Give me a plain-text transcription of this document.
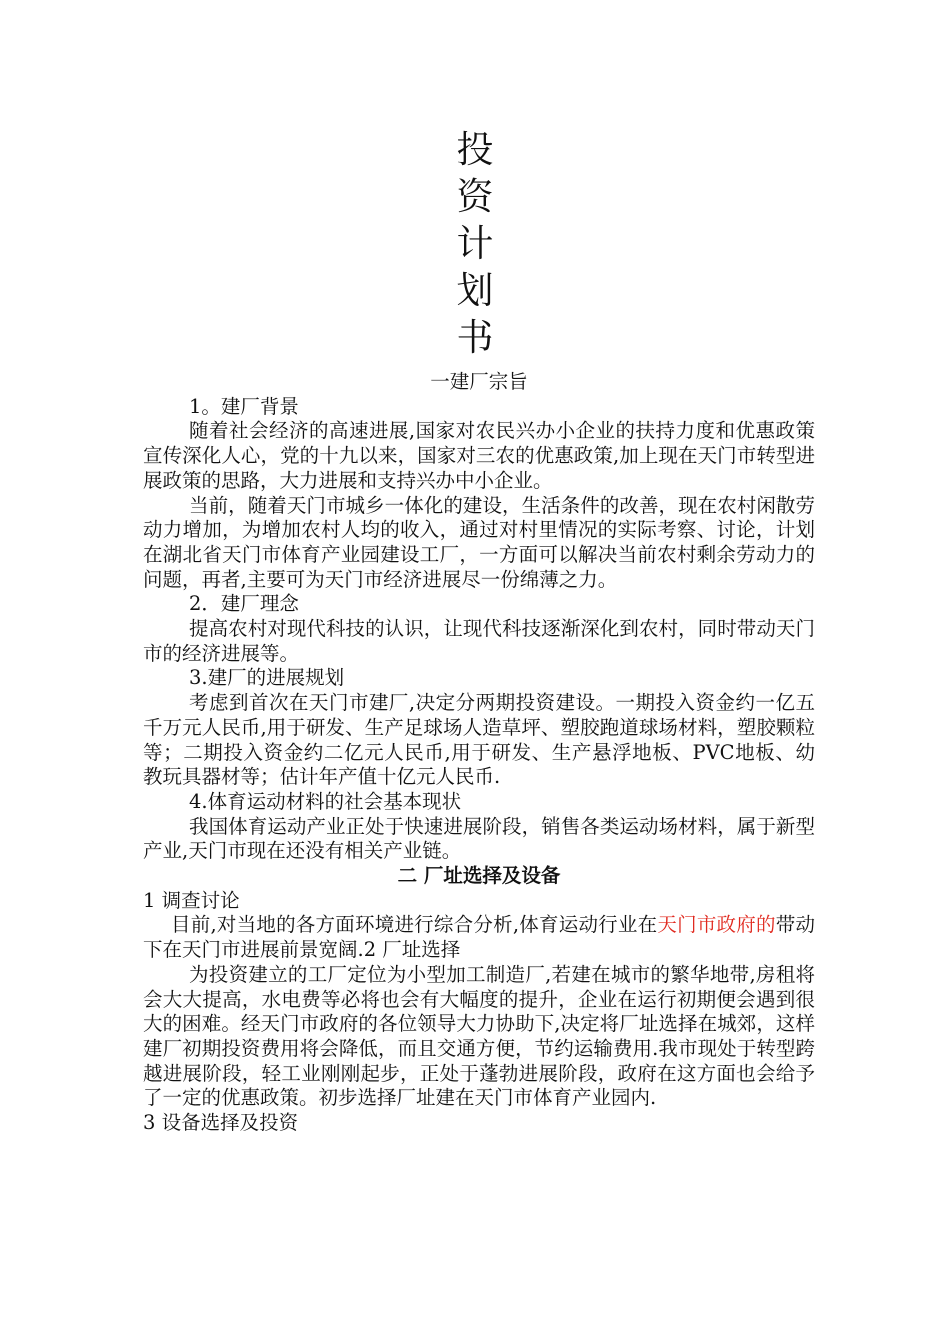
投
资
计
划
书

一建厂宗旨

1。建厂背景

随着社会经济的高速进展,国家对农民兴办小企业的扶持力度和优惠政策宣传深化人心，党的十九以来，国家对三农的优惠政策,加上现在天门市转型进展政策的思路，大力进展和支持兴办中小企业。

当前，随着天门市城乡一体化的建设，生活条件的改善，现在农村闲散劳动力增加，为增加农村人均的收入，通过对村里情况的实际考察、讨论，计划在湖北省天门市体育产业园建设工厂，一方面可以解决当前农村剩余劳动力的问题，再者,主要可为天门市经济进展尽一份绵薄之力。

2．建厂理念

提高农村对现代科技的认识，让现代科技逐渐深化到农村，同时带动天门市的经济进展等。

3.建厂的进展规划

考虑到首次在天门市建厂,决定分两期投资建设。一期投入资金约一亿五千万元人民币,用于研发、生产足球场人造草坪、塑胶跑道球场材料，塑胶颗粒等；二期投入资金约二亿元人民币,用于研发、生产悬浮地板、PVC地板、幼教玩具器材等；估计年产值十亿元人民币.

4.体育运动材料的社会基本现状

我国体育运动产业正处于快速进展阶段，销售各类运动场材料，属于新型产业,天门市现在还没有相关产业链。

二 厂址选择及设备

1 调查讨论

目前,对当地的各方面环境进行综合分析,体育运动行业在天门市政府的带动下在天门市进展前景宽阔.2 厂址选择

为投资建立的工厂定位为小型加工制造厂,若建在城市的繁华地带,房租将会大大提高，水电费等必将也会有大幅度的提升，企业在运行初期便会遇到很大的困难。经天门市政府的各位领导大力协助下,决定将厂址选择在城郊，这样建厂初期投资费用将会降低，而且交通方便，节约运输费用.我市现处于转型跨越进展阶段，轻工业刚刚起步，正处于蓬勃进展阶段，政府在这方面也会给予了一定的优惠政策。初步选择厂址建在天门市体育产业园内.

3 设备选择及投资
